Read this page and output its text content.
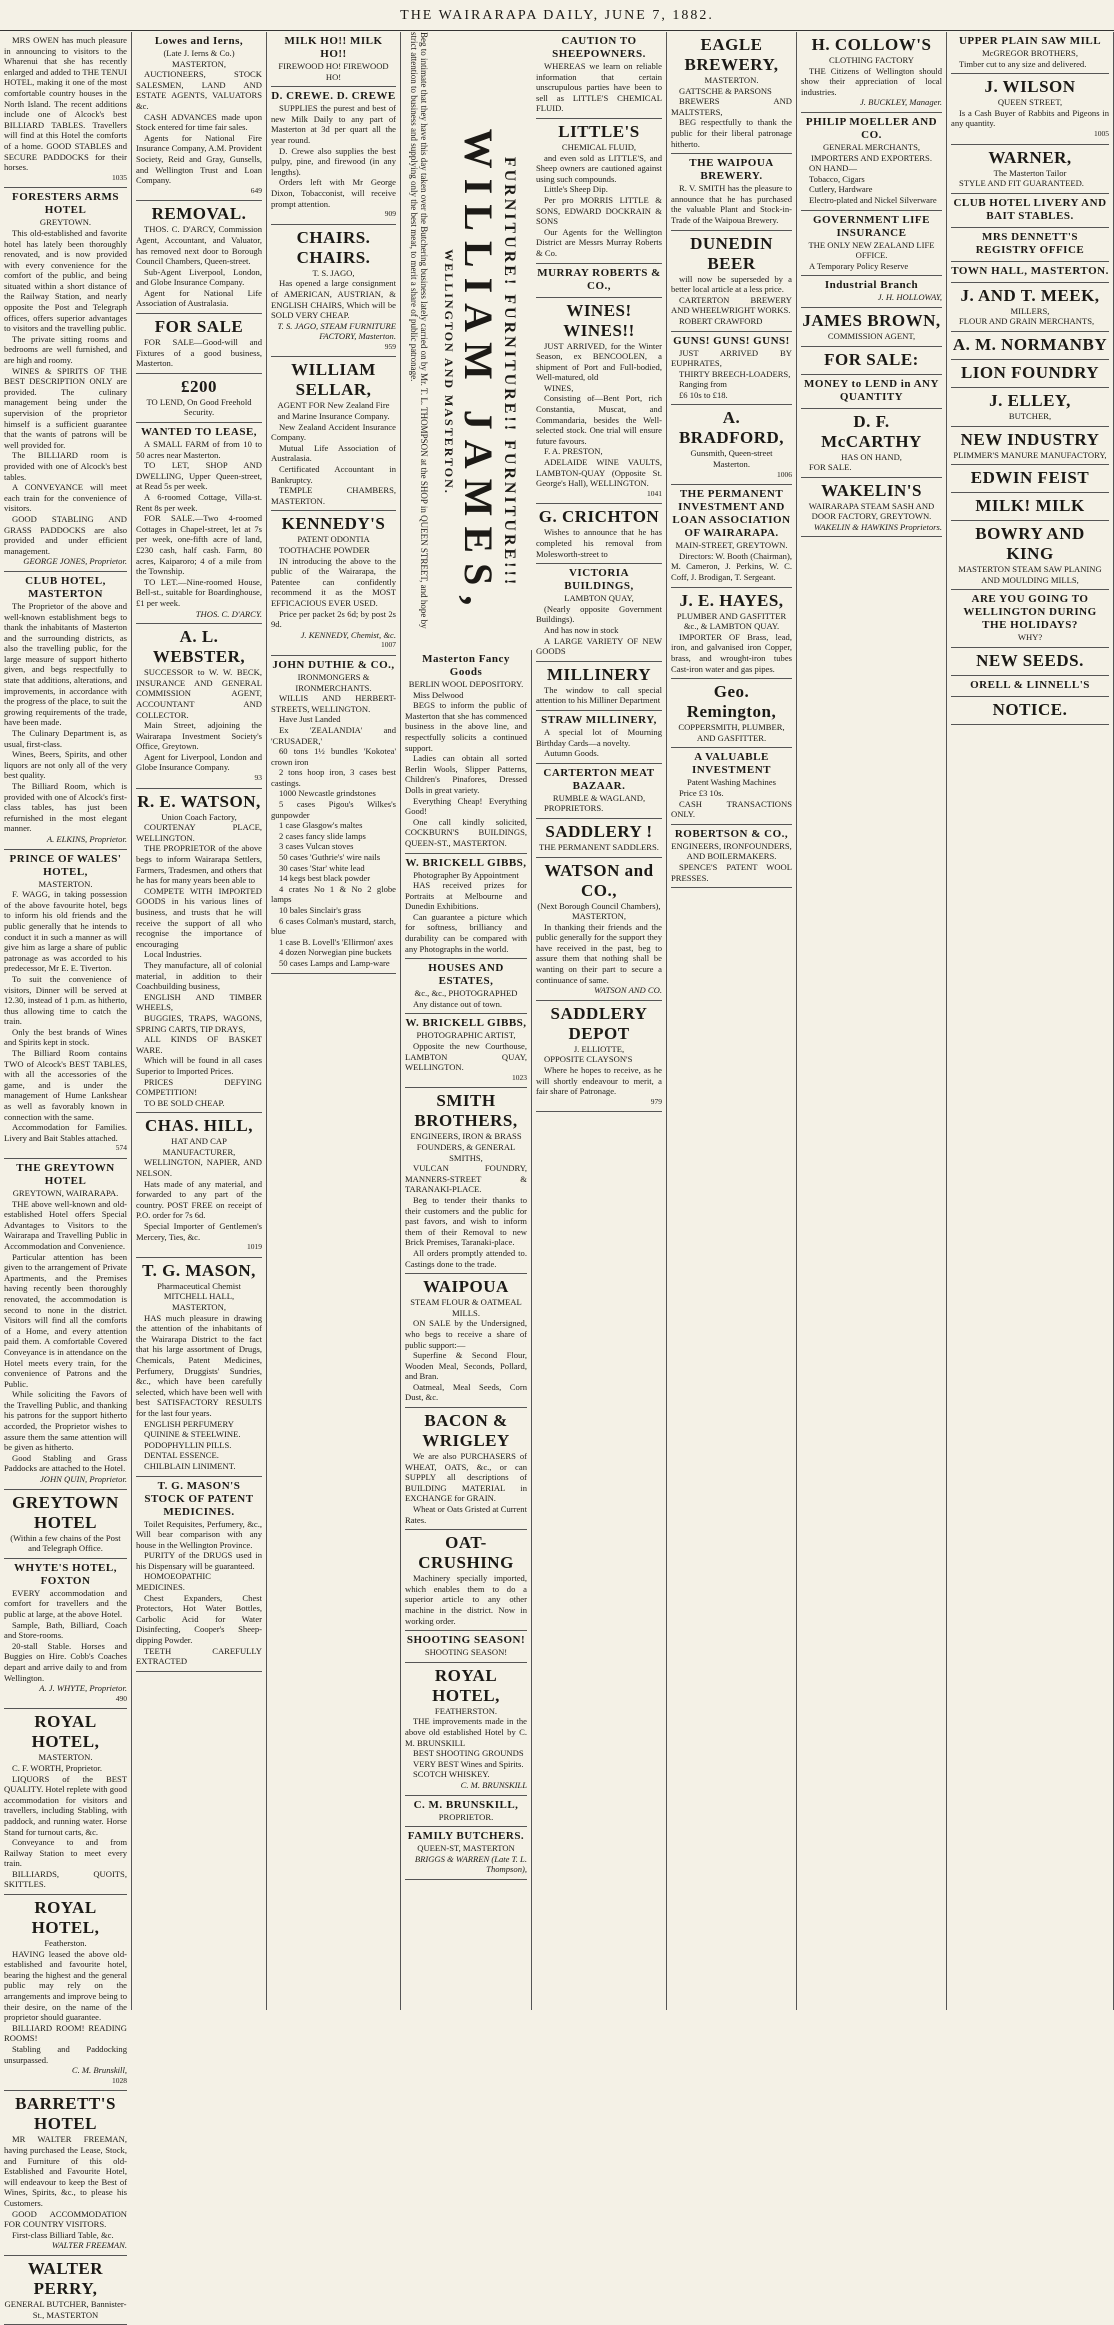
THE WAIRARAPA DAILY, JUNE 7, 1882.

MRS OWEN has much pleasure in announcing to visitors to the Wharenui that she has recently enlarged and added to THE TENUI HOTEL, making it one of the most comfortable country houses in the North Island. The recent additions include one of Alcock's best BILLIARD TABLES. Travellers will find at this Hotel the comforts of a home. GOOD STABLES and SECURE PADDOCKS for their horses.

1035
FORESTERS ARMS HOTEL
GREYTOWN.

This old-established and favorite hotel has lately been thoroughly renovated, and is now provided with every convenience for the comfort of the public, and being situated within a short distance of the Railway Station, and nearly opposite the Post and Telegraph offices, offers superior advantages to visitors and the travelling public.

The private sitting rooms and bedrooms are well furnished, and are high and roomy.

WINES & SPIRITS OF THE BEST DESCRIPTION ONLY are provided. The culinary management being under the supervision of the proprietor himself is a sufficient guarantee that the wants of patrons will be well provided for.

The BILLIARD room is provided with one of Alcock's best tables.

A CONVEYANCE will meet each train for the convenience of visitors.

GOOD STABLING AND GRASS PADDOCKS are also provided and under efficient management.

GEORGE JONES, Proprietor.
CLUB HOTEL, MASTERTON

The Proprietor of the above and well-known establishment begs to thank the inhabitants of Masterton and the surrounding districts, as also the travelling public, for the large measure of support hitherto given, and begs respectfully to state that additions, alterations, and improvements, in accordance with the progress of the place, to suit the growing requirements of the trade, have been made.

The Culinary Department is, as usual, first-class.

Wines, Beers, Spirits, and other liquors are not only all of the very best quality.

The Billiard Room, which is provided with one of Alcock's first-class tables, has just been refurnished in the most elegant manner.

A. ELKINS, Proprietor.
PRINCE OF WALES' HOTEL,
MASTERTON.

F. WAGG, in taking possession of the above favourite hotel, begs to inform his old friends and the public generally that he intends to conduct it in such a manner as will give him as large a share of public patronage as was accorded to his predecessor, Mr E. E. Tiverton.

To suit the convenience of visitors, Dinner will be served at 12.30, instead of 1 p.m. as hitherto, thus allowing time to catch the train.

Only the best brands of Wines and Spirits kept in stock.

The Billiard Room contains TWO of Alcock's BEST TABLES, with all the accessories of the game, and is under the management of Hume Lankshear as well as favorably known in connection with the same.

Accommodation for Families. Livery and Bait Stables attached.

574
THE GREYTOWN HOTEL
GREYTOWN, WAIRARAPA.

THE above well-known and old-established Hotel offers Special Advantages to Visitors to the Wairarapa and Travelling Public in Accommodation and Convenience.

Particular attention has been given to the arrangement of Private Apartments, and the Premises having recently been thoroughly renovated, the accommodation is second to none in the district. Visitors will find all the comforts of a Home, and every attention paid them. A comfortable Covered Conveyance is in attendance on the Hotel meets every train, for the convenience of Patrons and the Public.

While soliciting the Favors of the Travelling Public, and thanking his patrons for the support hitherto accorded, the Proprietor wishes to assure them the same attention will be given as hitherto.

Good Stabling and Grass Paddocks are attached to the Hotel.

JOHN QUIN, Proprietor.
GREYTOWN HOTEL
(Within a few chains of the Post and Telegraph Office.
WHYTE'S HOTEL, FOXTON

EVERY accommodation and comfort for travellers and the public at large, at the above Hotel.

Sample, Bath, Billiard, Coach and Store-rooms.

20-stall Stable. Horses and Buggies on Hire. Cobb's Coaches depart and arrive daily to and from Wellington.

A. J. WHYTE, Proprietor.
490
ROYAL HOTEL,
MASTERTON.

C. F. WORTH, Proprietor.

LIQUORS of the BEST QUALITY. Hotel replete with good accommodation for visitors and travellers, including Stabling, with paddock, and running water. Horse Stand for turnout carts, &c.

Conveyance to and from Railway Station to meet every train.

BILLIARDS, QUOITS, SKITTLES.

ROYAL HOTEL,
Featherston.

HAVING leased the above old-established and favourite hotel, bearing the highest and the general public may rely on the arrangements and improve being to their desire, on the name of the proprietor should guarantee.

BILLIARD ROOM! READING ROOMS!

Stabling and Paddocking unsurpassed.

C. M. Brunskill,
1028
BARRETT'S HOTEL

MR WALTER FREEMAN, having purchased the Lease, Stock, and Furniture of this old-Established and Favourite Hotel, will endeavour to keep the Best of Wines, Spirits, &c., to please his Customers.

GOOD ACCOMMODATION FOR COUNTRY VISITORS.

First-class Billiard Table, &c.

WALTER FREEMAN.
WALTER PERRY,
GENERAL BUTCHER, Bannister-St., MASTERTON
Lowes and Ierns,
(Late J. Ierns & Co.) MASTERTON,

AUCTIONEERS, STOCK SALESMEN, LAND AND ESTATE AGENTS, VALUATORS &c.

CASH ADVANCES made upon Stock entered for time fair sales.

Agents for National Fire Insurance Company, A.M. Provident Society, Reid and Gray, Gunsells, and Wellington Trust and Loan Company.

649
REMOVAL.

THOS. C. D'ARCY, Commission Agent, Accountant, and Valuator, has removed next door to Borough Council Chambers, Queen-street.

Sub-Agent Liverpool, London, and Globe Insurance Company.

Agent for National Life Association of Australasia.

FOR SALE

FOR SALE—Good-will and Fixtures of a good business, Masterton.

£200
TO LEND, On Good Freehold Security.
WANTED TO LEASE,

A SMALL FARM of from 10 to 50 acres near Masterton.

TO LET, SHOP AND DWELLING, Upper Queen-street, at Read 5s per week.

A 6-roomed Cottage, Villa-st. Rent 8s per week.

FOR SALE.—Two 4-roomed Cottages in Chapel-street, let at 7s per week, one-fifth acre of land, £230 cash, half cash. Farm, 80 acres, Kaiparoro; 4 of a mile from the Township.

TO LET.—Nine-roomed House, Bell-st., suitable for Boardinghouse, £1 per week.

THOS. C. D'ARCY.
A. L. WEBSTER,

SUCCESSOR to W. W. BECK, INSURANCE AND GENERAL COMMISSION AGENT, ACCOUNTANT AND COLLECTOR.

Main Street, adjoining the Wairarapa Investment Society's Office, Greytown.

Agent for Liverpool, London and Globe Insurance Company.

93
R. E. WATSON,
Union Coach Factory,

COURTENAY PLACE, WELLINGTON.

THE PROPRIETOR of the above begs to inform Wairarapa Settlers, Farmers, Tradesmen, and others that he has for many years been able to

COMPETE WITH IMPORTED GOODS in his various lines of business, and trusts that he will receive the support of all who recognise the importance of encouraging

Local Industries.

They manufacture, all of colonial material, in addition to their Coachbuilding business,

ENGLISH AND TIMBER WHEELS,

BUGGIES, TRAPS, WAGONS, SPRING CARTS, TIP DRAYS,

ALL KINDS OF BASKET WARE.

Which will be found in all cases Superior to Imported Prices.

PRICES DEFYING COMPETITION!

TO BE SOLD CHEAP.

CHAS. HILL,
HAT AND CAP MANUFACTURER,

WELLINGTON, NAPIER, AND NELSON.

Hats made of any material, and forwarded to any part of the country. POST FREE on receipt of P.O. order for 7s 6d.

Special Importer of Gentlemen's Mercery, Ties, &c.

1019
T. G. MASON,
Pharmaceutical Chemist MITCHELL HALL, MASTERTON,

HAS much pleasure in drawing the attention of the inhabitants of the Wairarapa District to the fact that his large assortment of Drugs, Chemicals, Patent Medicines, Perfumery, Druggists' Sundries, &c., which have been carefully selected, which have been well with best SATISFACTORY RESULTS for the last four years.

ENGLISH PERFUMERY

QUININE & STEELWINE.

PODOPHYLLIN PILLS.

DENTAL ESSENCE.

CHILBLAIN LINIMENT.

T. G. MASON'S STOCK OF PATENT MEDICINES.

Toilet Requisites, Perfumery, &c., Will bear comparison with any house in the Wellington Province.

PURITY of the DRUGS used in his Dispensary will be guaranteed.

HOMOEOPATHIC MEDICINES.

Chest Expanders, Chest Protectors, Hot Water Bottles, Carbolic Acid for Water Disinfecting, Cooper's Sheep-dipping Powder.

TEETH CAREFULLY EXTRACTED

MILK HO!! MILK HO!!
FIREWOOD HO! FIREWOOD HO!
D. CREWE. D. CREWE

SUPPLIES the purest and best of new Milk Daily to any part of Masterton at 3d per quart all the year round.

D. Crewe also supplies the best pulpy, pine, and firewood (in any lengths).

Orders left with Mr George Dixon, Tobacconist, will receive prompt attention.

909
CHAIRS. CHAIRS.
T. S. JAGO,

Has opened a large consignment of AMERICAN, AUSTRIAN, & ENGLISH CHAIRS, Which will be SOLD VERY CHEAP.

T. S. JAGO, STEAM FURNITURE FACTORY, Masterton.
959
WILLIAM SELLAR,
AGENT FOR New Zealand Fire and Marine Insurance Company.

New Zealand Accident Insurance Company.

Mutual Life Association of Australasia.

Certificated Accountant in Bankruptcy.

TEMPLE CHAMBERS, MASTERTON.

KENNEDY'S
PATENT ODONTIA

TOOTHACHE POWDER

IN introducing the above to the public of the Wairarapa, the Patentee can confidently recommend it as the MOST EFFICACIOUS EVER USED.

Price per packet 2s 6d; by post 2s 9d.

J. KENNEDY, Chemist, &c.
1007
JOHN DUTHIE & CO.,
IRONMONGERS & IRONMERCHANTS.

WILLIS AND HERBERT-STREETS, WELLINGTON.

Have Just Landed

Ex 'ZEALANDIA' and 'CRUSADER,'

60 tons 1½ bundles 'Kokotea' crown iron

2 tons hoop iron, 3 cases best castings.

1000 Newcastle grindstones

5 cases Pigou's Wilkes's gunpowder

1 case Glasgow's maltes

2 cases fancy slide lamps

3 cases Vulcan stoves

50 cases 'Guthrie's' wire nails

30 cases 'Star' white lead

14 kegs best black powder

4 crates No 1 & No 2 globe lamps

10 bales Sinclair's grass

6 cases Colman's mustard, starch, blue

1 case B. Lovell's 'Ellirmon' axes

4 dozen Norwegian pine buckets

50 cases Lamps and Lamp-ware

Beg to intimate that they have this day taken over the Butchering business lately carried on by Mr. T. L. THOMPSON at the SHOP in QUEEN STREET, and hope by strict attention to business and supplying only the best meat, to merit a share of public patronage.
Masterton Fancy Goods
BERLIN WOOL DEPOSITORY.

Miss Delwood

BEGS to inform the public of Masterton that she has commenced business in the above line, and respectfully solicits a continued support.

Ladies can obtain all sorted Berlin Wools, Slipper Patterns, Children's Pinafores, Dressed Dolls in great variety.

Everything Cheap! Everything Good!

One call kindly solicited, COCKBURN'S BUILDINGS, QUEEN-ST., MASTERTON.

W. BRICKELL GIBBS,
Photographer By Appointment

HAS received prizes for Portraits at Melbourne and Dunedin Exhibitions.

Can guarantee a picture which for softness, brilliancy and durability can be compared with any Photographs in the world.

HOUSES AND ESTATES,
&c., &c., PHOTOGRAPHED

Any distance out of town.

W. BRICKELL GIBBS,
PHOTOGRAPHIC ARTIST,

Opposite the new Courthouse, LAMBTON QUAY, WELLINGTON.

1023
SMITH BROTHERS,
ENGINEERS, IRON & BRASS FOUNDERS, & GENERAL SMITHS,

VULCAN FOUNDRY, MANNERS-STREET & TARANAKI-PLACE.

Beg to tender their thanks to their customers and the public for past favors, and wish to inform them of their Removal to new Brick Premises, Taranaki-place.

All orders promptly attended to. Castings done to the trade.

WAIPOUA
STEAM FLOUR & OATMEAL MILLS.

ON SALE by the Undersigned, who begs to receive a share of public support:—

Superfine & Second Flour, Wooden Meal, Seconds, Pollard, and Bran.

Oatmeal, Meal Seeds, Corn Dust, &c.

BACON & WRIGLEY

We are also PURCHASERS of WHEAT, OATS, &c., or can SUPPLY all descriptions of BUILDING MATERIAL in EXCHANGE for GRAIN.

Wheat or Oats Gristed at Current Rates.

OAT-CRUSHING

Machinery specially imported, which enables them to do a superior article to any other machine in the district. Now in working order.

SHOOTING SEASON!
SHOOTING SEASON!
ROYAL HOTEL,
FEATHERSTON.

THE improvements made in the above old established Hotel by C. M. BRUNSKILL

BEST SHOOTING GROUNDS

VERY BEST Wines and Spirits.

SCOTCH WHISKEY.

C. M. BRUNSKILL
C. M. BRUNSKILL,
PROPRIETOR.
FAMILY BUTCHERS.
QUEEN-ST, MASTERTON
BRIGGS & WARREN (Late T. L. Thompson),
FURNITURE! FURNITURE!! FURNITURE!!!
WILLIAM JAMES,
WELLINGTON AND MASTERTON.
CAUTION TO SHEEPOWNERS.

WHEREAS we learn on reliable information that certain unscrupulous parties have been to sell as LITTLE'S CHEMICAL FLUID.

LITTLE'S
CHEMICAL FLUID,

and even sold as LITTLE'S, and Sheep owners are cautioned against using such compounds.

Little's Sheep Dip.

Per pro MORRIS LITTLE & SONS, EDWARD DOCKRAIN & SONS

Our Agents for the Wellington District are Messrs Murray Roberts & Co.

MURRAY ROBERTS & CO.,
WINES! WINES!!

JUST ARRIVED, for the Winter Season, ex BENCOOLEN, a shipment of Port and Full-bodied, Well-matured, old

WINES,

Consisting of—Bent Port, rich Constantia, Muscat, and Commandaria, besides the Well-selected stock. One trial will ensure future favours.

F. A. PRESTON,

ADELAIDE WINE VAULTS, LAMBTON-QUAY (Opposite St. George's Hall), WELLINGTON.

1041
G. CRICHTON

Wishes to announce that he has completed his removal from Molesworth-street to

VICTORIA BUILDINGS,
LAMBTON QUAY,

(Nearly opposite Government Buildings).

And has now in stock

A LARGE VARIETY OF NEW GOODS

MILLINERY

The window to call special attention to his Milliner Department

STRAW MILLINERY,

A special lot of Mourning Birthday Cards—a novelty.

Autumn Goods.

CARTERTON MEAT BAZAAR.
RUMBLE & WAGLAND,

PROPRIETORS.

SADDLERY !
THE PERMANENT SADDLERS.
WATSON and CO.,
(Next Borough Council Chambers), MASTERTON,

In thanking their friends and the public generally for the support they have received in the past, beg to assure them that nothing shall be wanting on their part to secure a continuance of same.

WATSON AND CO.
SADDLERY DEPOT
J. ELLIOTTE,

OPPOSITE CLAYSON'S

Where he hopes to receive, as he will shortly endeavour to merit, a fair share of Patronage.

979
EAGLE BREWERY,
MASTERTON.

GATTSCHE & PARSONS

BREWERS AND MALTSTERS,

BEG respectfully to thank the public for their liberal patronage hitherto.

THE WAIPOUA BREWERY.

R. V. SMITH has the pleasure to announce that he has purchased the valuable Plant and Stock-in-Trade of the Waipoua Brewery.

DUNEDIN BEER

will now be superseded by a better local article at a less price.

CARTERTON BREWERY AND WHEELWRIGHT WORKS.

ROBERT CRAWFORD

GUNS! GUNS! GUNS!

JUST ARRIVED BY EUPHRATES,

THIRTY BREECH-LOADERS,

Ranging from

£6 10s to £18.

A. BRADFORD,
Gunsmith, Queen-street Masterton.
1006
THE PERMANENT INVESTMENT AND LOAN ASSOCIATION OF WAIRARAPA.
MAIN-STREET, GREYTOWN.

Directors: W. Booth (Chairman), M. Cameron, J. Perkins, W. C. Coff, J. Brodigan, T. Sergeant.

J. E. HAYES,
PLUMBER AND GASFITTER &c., & LAMBTON QUAY.

IMPORTER OF Brass, lead, iron, and galvanised iron Copper, brass, and wrought-iron tubes Cast-iron water and gas pipes.

Geo. Remington,
COPPERSMITH, PLUMBER, AND GASFITTER.
A VALUABLE INVESTMENT
Patent Washing Machines

Price £3 10s.

CASH TRANSACTIONS ONLY.

ROBERTSON & CO.,
ENGINEERS, IRONFOUNDERS, AND BOILERMAKERS.

SPENCE'S PATENT WOOL PRESSES.

H. COLLOW'S
CLOTHING FACTORY

THE Citizens of Wellington should show their appreciation of local industries.

J. BUCKLEY, Manager.
PHILIP MOELLER AND CO.
GENERAL MERCHANTS, IMPORTERS AND EXPORTERS.

ON HAND—

Tobacco, Cigars

Cutlery, Hardware

Electro-plated and Nickel Silverware

GOVERNMENT LIFE INSURANCE
THE ONLY NEW ZEALAND LIFE OFFICE.

A Temporary Policy Reserve

Industrial Branch
J. H. HOLLOWAY,
JAMES BROWN,
COMMISSION AGENT,
FOR SALE:
MONEY to LEND in ANY QUANTITY
D. F. McCARTHY
HAS ON HAND,

FOR SALE.

WAKELIN'S
WAIRARAPA STEAM SASH AND DOOR FACTORY, GREYTOWN.
WAKELIN & HAWKINS Proprietors.
UPPER PLAIN SAW MILL
McGREGOR BROTHERS,

Timber cut to any size and delivered.

J. WILSON
QUEEN STREET,

Is a Cash Buyer of Rabbits and Pigeons in any quantity.

1005
WARNER,
The Masterton Tailor

STYLE AND FIT GUARANTEED.

CLUB HOTEL LIVERY AND BAIT STABLES.
MRS DENNETT'S REGISTRY OFFICE
TOWN HALL, MASTERTON.
J. AND T. MEEK,
MILLERS,

FLOUR AND GRAIN MERCHANTS,

A. M. NORMANBY
LION FOUNDRY
J. ELLEY,
BUTCHER,
NEW INDUSTRY
PLIMMER'S MANURE MANUFACTORY,
EDWIN FEIST
MILK! MILK
BOWRY AND KING
MASTERTON STEAM SAW PLANING AND MOULDING MILLS,
ARE YOU GOING TO WELLINGTON DURING THE HOLIDAYS?
WHY?
NEW SEEDS.
ORELL & LINNELL'S
NOTICE.
